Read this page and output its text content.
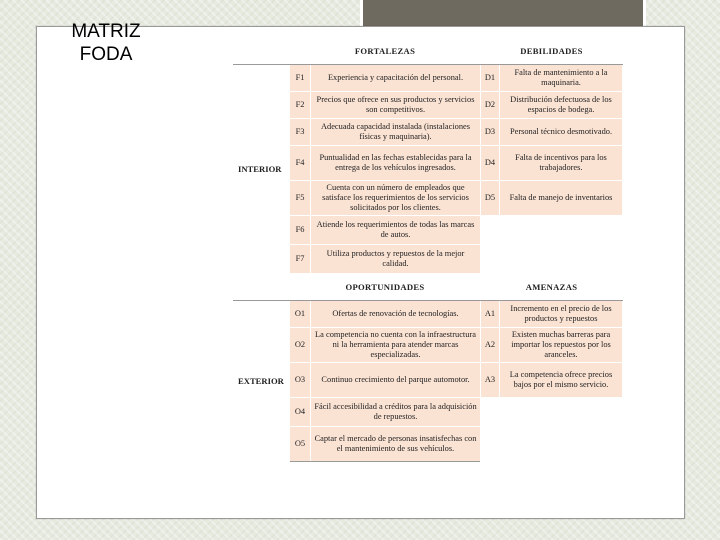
MATRIZ
FODA
		FORTALEZAS		DEBILIDADES	
INTERIOR	F1	Experiencia y capacitación del personal.	D1	Falta de mantenimiento a la maquinaria.
	F2	Precios que ofrece en sus productos y servicios son competitivos.	D2	Distribución defectuosa de los espacios de bodega.
	F3	Adecuada capacidad instalada (instalaciones físicas y maquinaria).	D3	Personal técnico desmotivado.
	F4	Puntualidad en las fechas establecidas para la entrega de los vehículos ingresados.	D4	Falta de incentivos para los trabajadores.
	F5	Cuenta con un número de empleados que satisface los requerimientos de los servicios solicitados por los clientes.	D5	Falta de manejo de inventarios
	F6	Atiende los requerimientos de todas las marcas de autos.		
	F7	Utiliza productos y repuestos de la mejor calidad.		
	OPORTUNIDADES		AMENAZAS	
EXTERIOR	O1	Ofertas de renovación de tecnologías.	A1	Incremento en el precio de los productos y repuestos
	O2	La competencia no cuenta con la infraestructura ni la herramienta para atender marcas especializadas.	A2	Existen muchas barreras para importar los repuestos por los aranceles.
	O3	Continuo crecimiento del parque automotor.	A3	La competencia ofrece precios bajos por el mismo servicio.
	O4	Fácil accesibilidad a créditos para la adquisición de repuestos.		
	O5	Captar el mercado de personas insatisfechas con el mantenimiento de sus vehículos.		
